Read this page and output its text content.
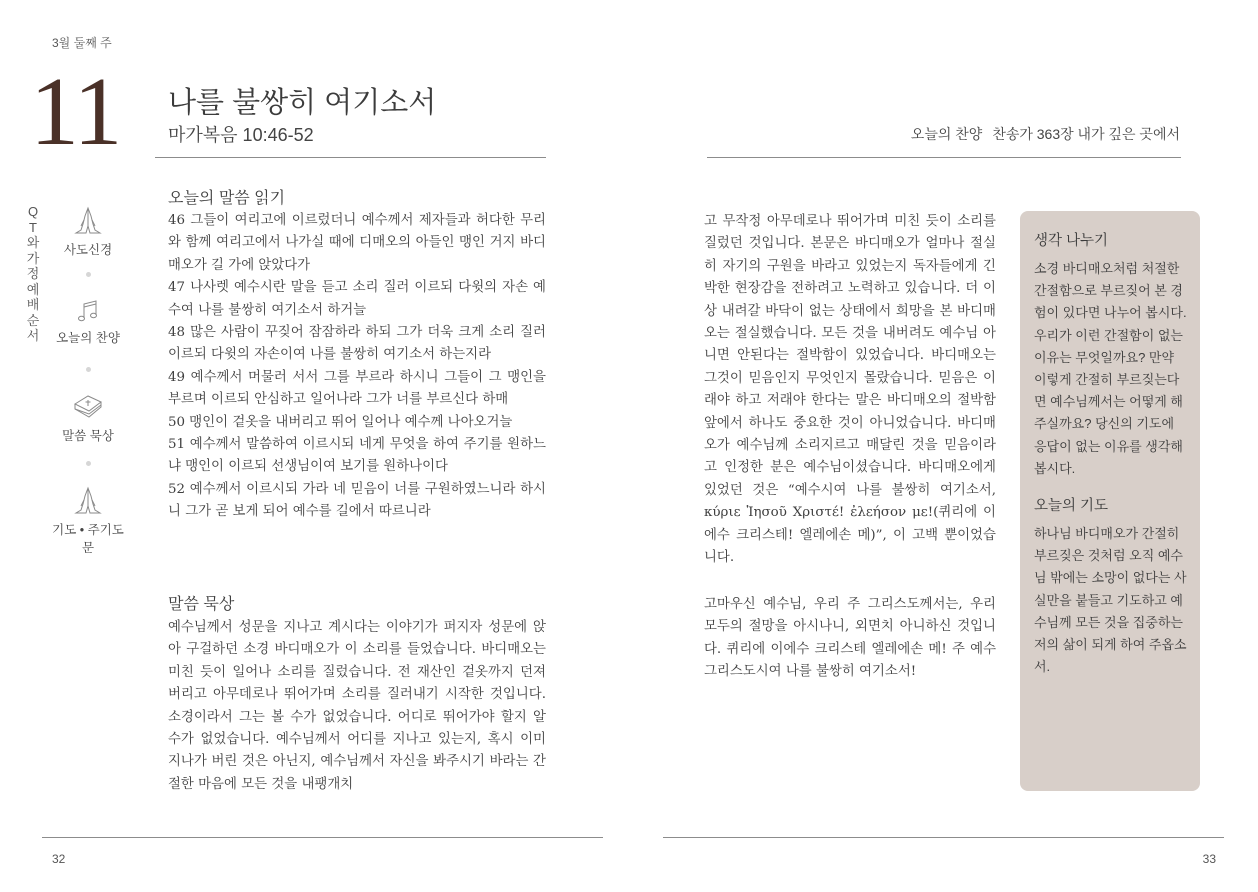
3월 둘째 주
11 나를 불쌍히 여기소서
마가복음 10:46-52	오늘의 찬양 찬송가 363장 내가 깊은 곳에서
QT와 가정예배 순서
사도신경
오늘의 찬양
말씀 묵상
기도 • 주기도문
오늘의 말씀 읽기

46 그들이 여리고에 이르렀더니 예수께서 제자들과 허다한 무리와 함께 여리고에서 나가실 때에 디매오의 아들인 맹인 거지 바디매오가 길 가에 앉았다가

47 나사렛 예수시란 말을 듣고 소리 질러 이르되 다윗의 자손 예수여 나를 불쌍히 여기소서 하거늘

48 많은 사람이 꾸짖어 잠잠하라 하되 그가 더욱 크게 소리 질러 이르되 다윗의 자손이여 나를 불쌍히 여기소서 하는지라

49 예수께서 머물러 서서 그를 부르라 하시니 그들이 그 맹인을 부르며 이르되 안심하고 일어나라 그가 너를 부르신다 하매

50 맹인이 겉옷을 내버리고 뛰어 일어나 예수께 나아오거늘

51 예수께서 말씀하여 이르시되 네게 무엇을 하여 주기를 원하느냐 맹인이 이르되 선생님이여 보기를 원하나이다

52 예수께서 이르시되 가라 네 믿음이 너를 구원하였느니라 하시니 그가 곧 보게 되어 예수를 길에서 따르니라

말씀 묵상

예수님께서 성문을 지나고 계시다는 이야기가 퍼지자 성문에 앉아 구걸하던 소경 바디매오가 이 소리를 들었습니다. 바디매오는 미친 듯이 일어나 소리를 질렀습니다. 전 재산인 겉옷까지 던져 버리고 아무데로나 뛰어가며 소리를 질러내기 시작한 것입니다. 소경이라서 그는 볼 수가 없었습니다. 어디로 뛰어가야 할지 알 수가 없었습니다. 예수님께서 어디를 지나고 있는지, 혹시 이미 지나가 버린 것은 아닌지, 예수님께서 자신을 봐주시기 바라는 간절한 마음에 모든 것을 내팽개치

고 무작정 아무데로나 뛰어가며 미친 듯이 소리를 질렀던 것입니다. 본문은 바디매오가 얼마나 절실히 자기의 구원을 바라고 있었는지 독자들에게 긴박한 현장감을 전하려고 노력하고 있습니다. 더 이상 내려갈 바닥이 없는 상태에서 희망을 본 바디매오는 절실했습니다. 모든 것을 내버려도 예수님 아니면 안된다는 절박함이 있었습니다. 바디매오는 그것이 믿음인지 무엇인지 몰랐습니다. 믿음은 이래야 하고 저래야 한다는 말은 바디매오의 절박함 앞에서 하나도 중요한 것이 아니었습니다. 바디매오가 예수님께 소리지르고 매달린 것을 믿음이라고 인정한 분은 예수님이셨습니다. 바디매오에게 있었던 것은 “예수시여 나를 불쌍히 여기소서, κύριε Ἰησοῦ Χριστέ! ἐλεήσον με!(퀴리에 이에수 크리스테! 엘레에손 메)”, 이 고백 뿐이었습니다.

고마우신 예수님, 우리 주 그리스도께서는, 우리 모두의 절망을 아시나니, 외면치 아니하신 것입니다. 퀴리에 이에수 크리스테 엘레에손 메! 주 예수 그리스도시여 나를 불쌍히 여기소서!

생각 나누기

소경 바디매오처럼 처절한 간절함으로 부르짖어 본 경험이 있다면 나누어 봅시다. 우리가 이런 간절함이 없는 이유는 무엇일까요? 만약 이렇게 간절히 부르짖는다면 예수님께서는 어떻게 해주실까요? 당신의 기도에 응답이 없는 이유를 생각해 봅시다.

오늘의 기도

하나님 바디매오가 간절히 부르짖은 것처럼 오직 예수님 밖에는 소망이 없다는 사실만을 붙들고 기도하고 예수님께 모든 것을 집중하는 저의 삶이 되게 하여 주옵소서.

32	33
